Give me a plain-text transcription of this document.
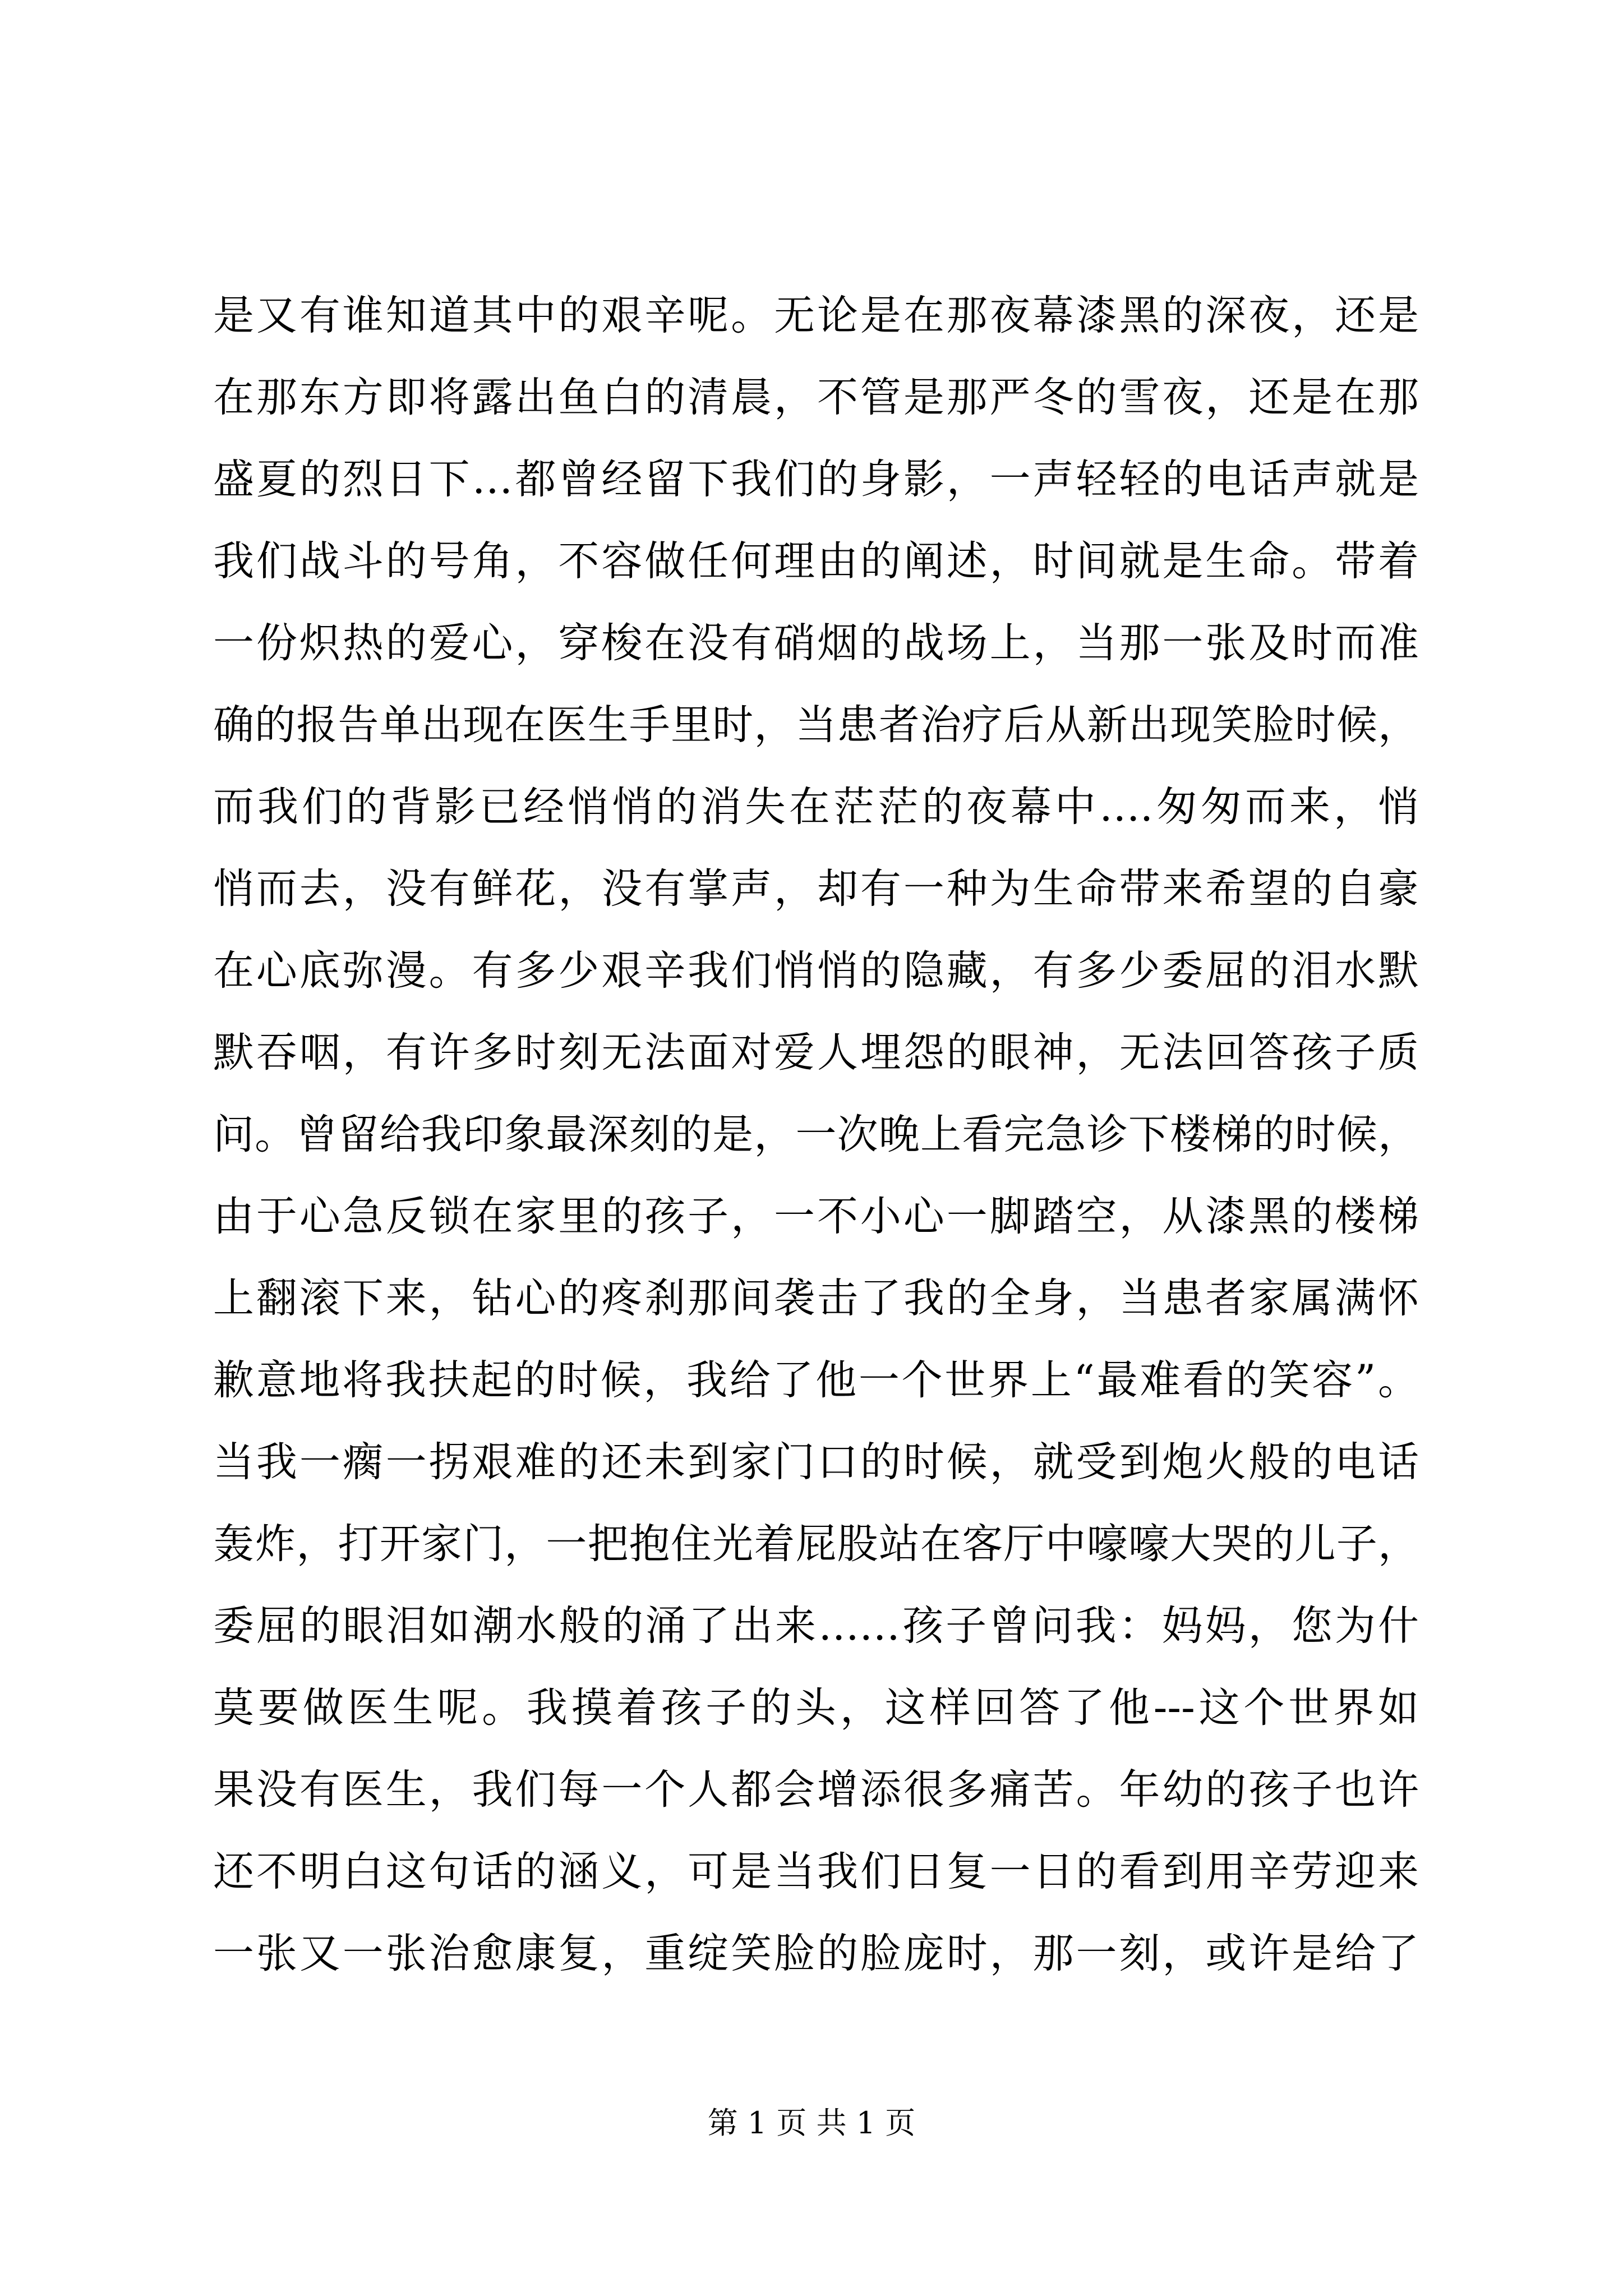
是又有谁知道其中的艰辛呢。无论是在那夜幕漆黑的深夜，还是
在那东方即将露出鱼白的清晨，不管是那严冬的雪夜，还是在那
盛夏的烈日下…都曾经留下我们的身影，一声轻轻的电话声就是
我们战斗的号角，不容做任何理由的阐述，时间就是生命。带着
一份炽热的爱心，穿梭在没有硝烟的战场上，当那一张及时而准
确的报告单出现在医生手里时，当患者治疗后从新出现笑脸时候，
而我们的背影已经悄悄的消失在茫茫的夜幕中….匆匆而来，悄
悄而去，没有鲜花，没有掌声，却有一种为生命带来希望的自豪
在心底弥漫。有多少艰辛我们悄悄的隐藏，有多少委屈的泪水默
默吞咽，有许多时刻无法面对爱人埋怨的眼神，无法回答孩子质
问。曾留给我印象最深刻的是，一次晚上看完急诊下楼梯的时候，
由于心急反锁在家里的孩子，一不小心一脚踏空，从漆黑的楼梯
上翻滚下来，钻心的疼刹那间袭击了我的全身，当患者家属满怀
歉意地将我扶起的时候，我给了他一个世界上“最难看的笑容”。
当我一瘸一拐艰难的还未到家门口的时候，就受到炮火般的电话
轰炸，打开家门，一把抱住光着屁股站在客厅中嚎嚎大哭的儿子，
委屈的眼泪如潮水般的涌了出来……孩子曾问我：妈妈，您为什
莫要做医生呢。我摸着孩子的头，这样回答了他---这个世界如
果没有医生，我们每一个人都会增添很多痛苦。年幼的孩子也许
还不明白这句话的涵义，可是当我们日复一日的看到用辛劳迎来
一张又一张治愈康复，重绽笑脸的脸庞时，那一刻，或许是给了
第 1 页 共 1 页
